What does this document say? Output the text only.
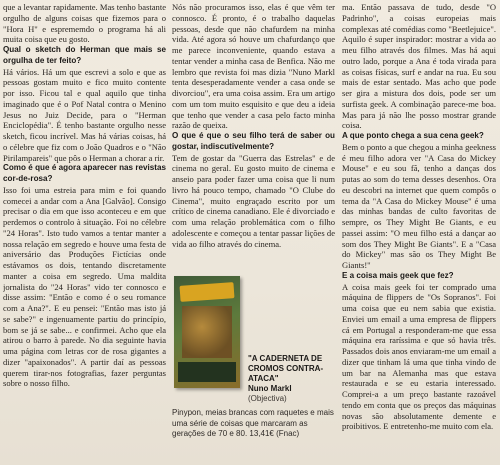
que a levantar rapidamente. Mas tenho bastante orgulho de alguns coisas que fizemos para o "Hora H" e esprememdo o programa há ali muita coisa que eu gosto.

Qual o sketch do Herman que mais se orgulha de ter feito?

Há vários. Há um que escrevi a solo e que as pessoas gostam muito e fico muito contente por isso. Ficou tal e qual aquilo que tinha imaginado que é o Pof Natal contra o Menino Jesus no Juiz Decide, para o "Herman Enciclopédia". É tenho bastante orgulho nesse sketch, ficou incrível. Mas há várias coisas, há o célebre que fiz com o João Quadros e o "Não Pirilampareis" que pôs o Herman a chorar a rir.

Como é que é agora aparecer nas revistas cor-de-rosa?

Isso foi uma estreia para mim e foi quando comecei a andar com a Ana [Galvão]. Consigo precisar o dia em que isso aconteceu e em que perdemos o controlo à situação. Foi no célebre "24 Horas". Isto tudo vamos a tentar manter a nossa relação em segredo e houve uma festa de aniversário das Produções Fictícias onde estávamos os dois, tentando discretamente manter a coisa em segredo. Uma maldita jornalista do "24 Horas" vido ter connosco e disse assim: "Então e como é o seu romance com a Ana?". E eu pensei: "Então mas isto já se sabe?" e ingenuamente partiu do princípio, bom se já se sabe... e confirmei. Acho que ela atirou o barro à parede. No dia seguinte havia uma página com letras cor de rosa gigantes a dizer "apaixonados". A partir daí as pessoas querem tirar-nos fotografias, fazer perguntas sobre o nosso filho.

Nós não procuramos isso, elas é que vêm ter connosco. É pronto, é o trabalho daquelas pessoas, desde que não chafurdem na minha vida. Até agora só houve um chafurdanço que me parece inconveniente, quando estava a tentar vender a minha casa de Benfica. Não me lembro que revista foi mas dizia "Nuno Markl tenta desesperadamente vender a casa onde se divorciou", era uma coisa assim. Era um artigo com um tom muito esquisito e que deu a ideia que tenho que vender a casa pelo facto minha razão de queixa.

O que é que o seu filho terá de saber ou gostar, indiscutivelmente?

Tem de gostar da "Guerra das Estrelas" e de cinema no geral. Eu gosto muito de cinema e anseio para poder fazer uma coisa que li num livro há pouco tempo, chamado "O Clube do Cinema", muito engraçado escrito por um crítico de cinema canadiano. Ele é divorciado e com uma relação problemática com o filho adolescente e começou a tentar passar lições de vida ao filho através do cinema.

ma. Então passava de tudo, desde "O Padrinho", a coisas europeias mais complexas até comédias como "Beetlejuice". Aquilo é super inspirador: mostrar a vida ao meu filho através dos filmes. Mas há aqui outro lado, porque a Ana é toda virada para as coisas físicas, surf e andar na rua. Eu sou mais de estar sentado. Mas acho que pode ser gira a mistura dos dois, pode ser um surfista geek. A combinação parece-me boa. Mas para já não lhe posso mostrar grande coisa.

A que ponto chega a sua cena geek?

Bem o ponto a que chegou a minha geekness é meu filho adora ver "A Casa do Mickey Mouse" e eu sou fã, tenho a danças dos putas ao som do tema desses desenhos. Ora eu descobri na internet que quem compôs o tema da "A Casa do Mickey Mouse" é uma das minhas bandas de culto favoritas de sempre, os They Might Be Giants, e eu passei assim: "O meu filho está a dançar ao som dos They Might Be Giants". E a "Casa do Mickey" mas são os They Might Be Giants!"

E a coisa mais geek que fez?

A coisa mais geek foi ter comprado uma máquina de flippers de "Os Sopranos". Foi uma coisa que eu nem sabia que existia. Enviei um email a uma empresa de flippers cá em Portugal a responderam-me que essa máquina era raríssima e que só havia três. Passados dois anos enviaram-me um email a dizer que tinham lá uma que tinha vindo de um bar na Alemanha mas que estava restaurada e se eu estaria interessado. Comprei-a a um preço bastante razoável tendo em conta que os preços das máquinas novas são absolutamente demente e proibitivos. E entretenho-me muito com ela.

"A CADERNETA DE CROMOS CONTRA-ATACA"
Nuno Markl
(Objectiva)
Pinypon, meias brancas com raquetes e mais uma série de coisas que marcaram as gerações de 70 e 80. 13,41€ (Fnac)
